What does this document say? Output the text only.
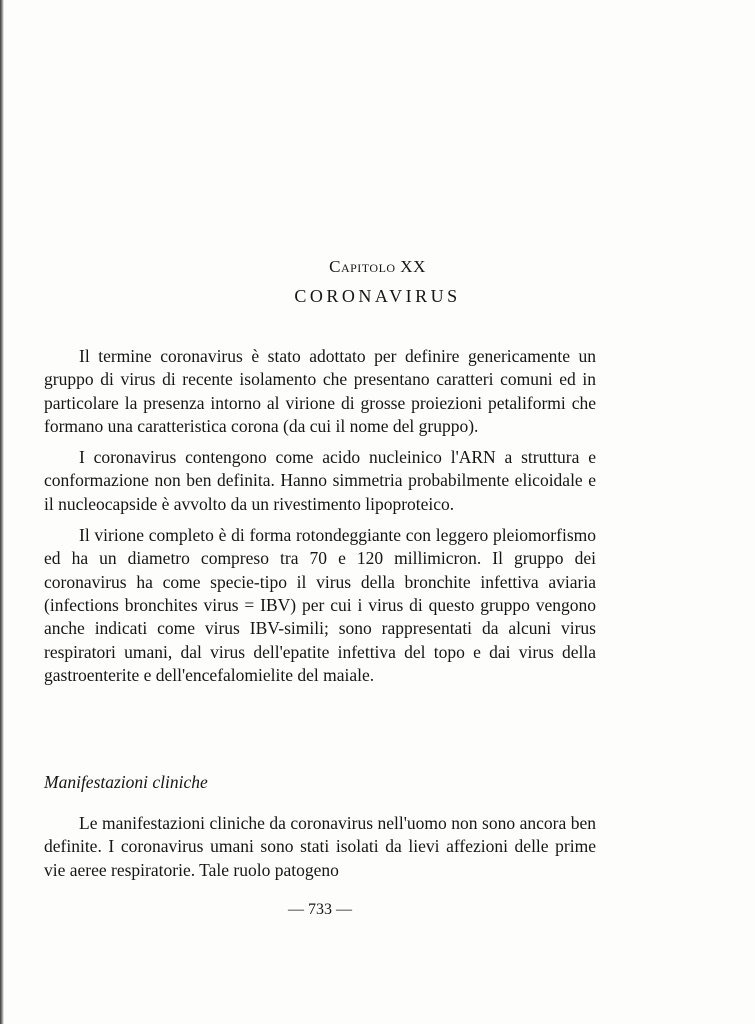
Capitolo XX
CORONAVIRUS

Il termine coronavirus è stato adottato per definire genericamente un gruppo di virus di recente isolamento che presentano caratteri comuni ed in particolare la presenza intorno al virione di grosse proiezioni petaliformi che formano una caratteristica corona (da cui il nome del gruppo).

I coronavirus contengono come acido nucleinico l'ARN a struttura e conformazione non ben definita. Hanno simmetria probabilmente elicoidale e il nucleocapside è avvolto da un rivestimento lipoproteico.

Il virione completo è di forma rotondeggiante con leggero pleiomorfismo ed ha un diametro compreso tra 70 e 120 millimicron. Il gruppo dei coronavirus ha come specie-tipo il virus della bronchite infettiva aviaria (infections bronchites virus = IBV) per cui i virus di questo gruppo vengono anche indicati come virus IBV-simili; sono rappresentati da alcuni virus respiratori umani, dal virus dell'epatite infettiva del topo e dai virus della gastroenterite e dell'encefalomielite del maiale.

Manifestazioni cliniche

Le manifestazioni cliniche da coronavirus nell'uomo non sono ancora ben definite. I coronavirus umani sono stati isolati da lievi affezioni delle prime vie aeree respiratorie. Tale ruolo patogeno

— 733 —
